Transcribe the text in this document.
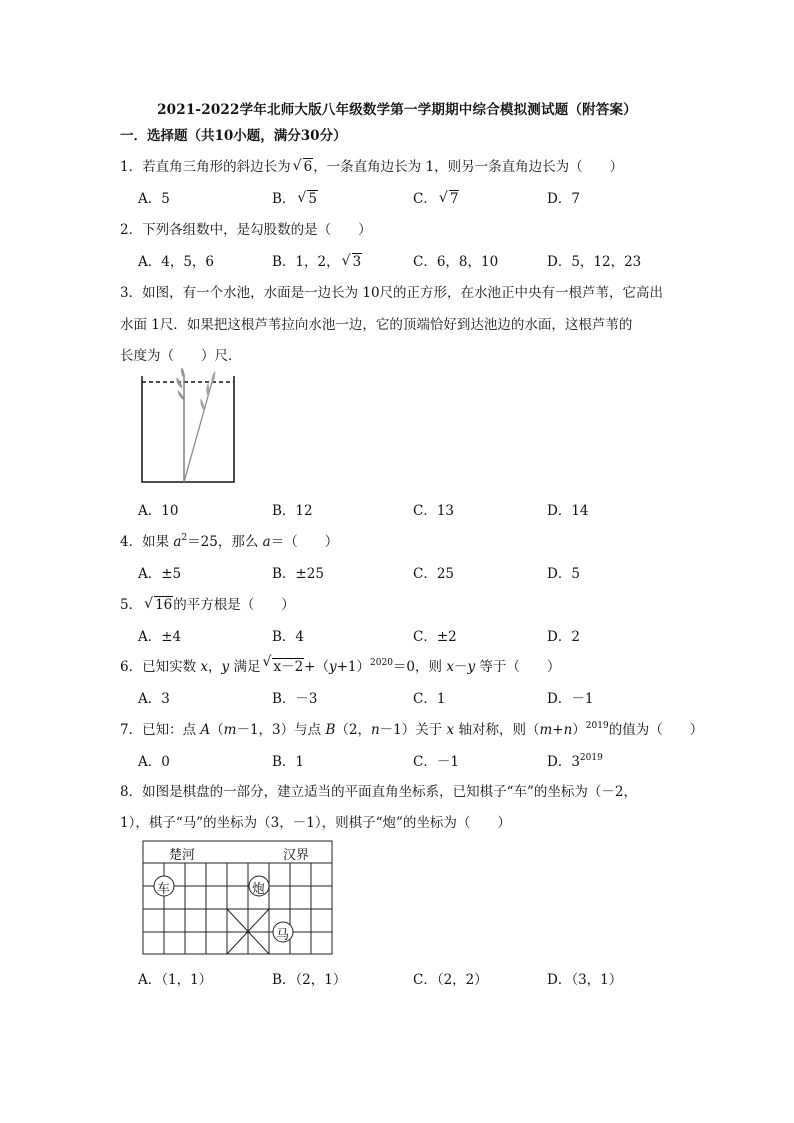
2021-2022学年北师大版八年级数学第一学期期中综合模拟测试题（附答案）
一．选择题（共10小题，满分30分）
1．若直角三角形的斜边长为 √ 6，一条直角边长为 1，则另一条直角边长为（　　）
A．5	B． √ 5	C． √ 7	D．7
2．下列各组数中，是勾股数的是（　　）
A．4，5，6	B．1，2， √ 3	C．6，8，10	D．5，12，23
3．如图，有一个水池，水面是一边长为 10尺的正方形，在水池正中央有一根芦苇，它高出
水面 1尺．如果把这根芦苇拉向水池一边，它的顶端恰好到达池边的水面，这根芦苇的
长度为（　　）尺．
A．10	B．12	C．13	D．14
4．如果 $a^2=25$，那么 a＝（　　）
A．±5	B．±25	C．25	D．5
5． √ 16的平方根是（　　）
A．±4	B．4	C．±2	D．2
6．已知实数 x，y 满足 √ $x-2+(y+1)^{2020}=0$，则 x－y 等于（　　）
A．3	B．－3	C．1	D．－1
7．已知：点 A（m－1，3）与点 B（2，n－1）关于 x 轴对称，则$(m+n)^{2019}$的值为（　　）
A．0	B．1	C．－1	D．$3^{2019}$
8．如图是棋盘的一部分，建立适当的平面直角坐标系，已知棋子“车”的坐标为（－2，
1），棋子“马”的坐标为（3，－1），则棋子“炮”的坐标为（　　）
楚河	汉界
车	炮
马
A．（1，1）	B．（2，1）	C．（2，2）	D．（3，1）
